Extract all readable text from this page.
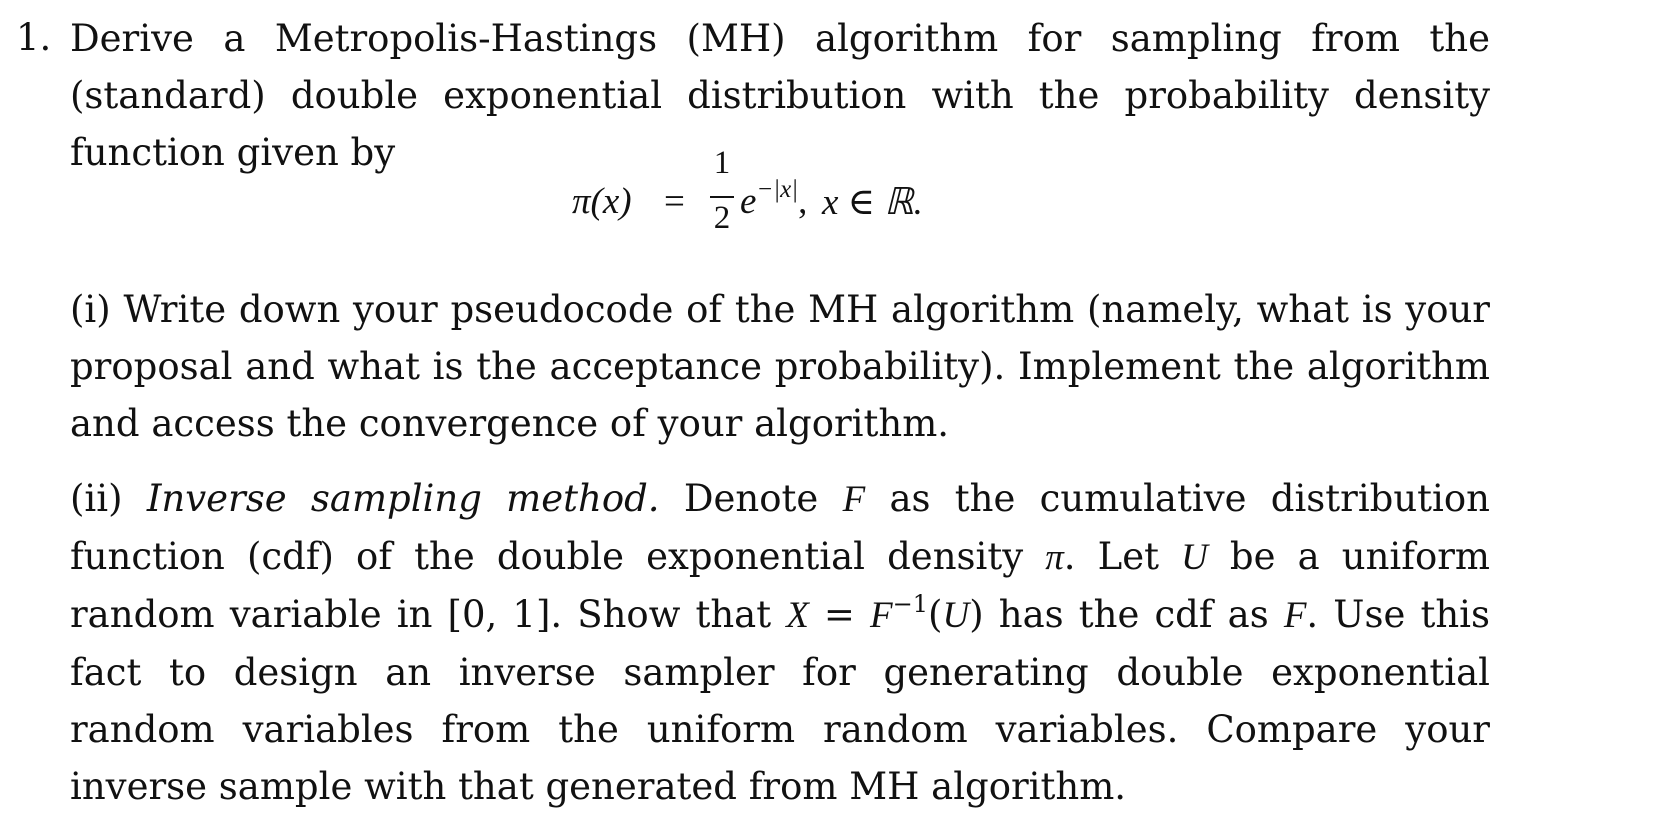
1. Derive a Metropolis-Hastings (MH) algorithm for sampling from the (standard) double exponential distribution with the probability density function given by
π(x) =
1
2 $e^{-|x|}$, x ∈ ℝ.
(i) Write down your pseudocode of the MH algorithm (namely, what is your proposal and what is the acceptance probability). Implement the algorithm and access the convergence of your algorithm.
(ii) Inverse sampling method. Denote F as the cumulative distribution function (cdf) of the double exponential density π. Let U be a uniform random variable in [0, 1]. Show that $X = F^{-1}(U)$ has the cdf as F. Use this fact to design an inverse sampler for generating double exponential random variables from the uniform random variables. Compare your inverse sample with that generated from MH algorithm.
